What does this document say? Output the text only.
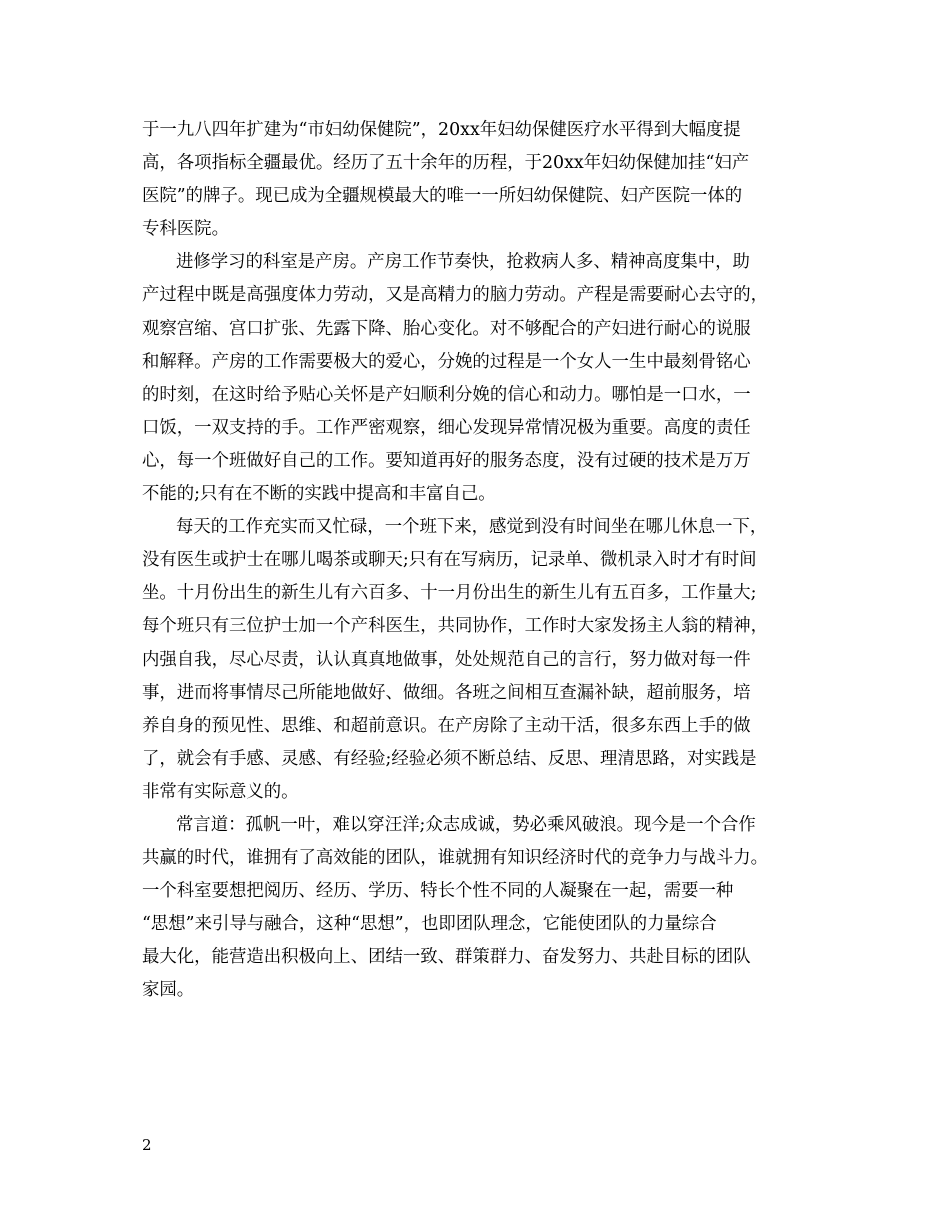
于一九八四年扩建为“市妇幼保健院”，20xx年妇幼保健医疗水平得到大幅度提
高，各项指标全疆最优。经历了五十余年的历程，于20xx年妇幼保健加挂“妇产
医院”的牌子。现已成为全疆规模最大的唯一一所妇幼保健院、妇产医院一体的
专科医院。
进修学习的科室是产房。产房工作节奏快，抢救病人多、精神高度集中，助
产过程中既是高强度体力劳动，又是高精力的脑力劳动。产程是需要耐心去守的，
观察宫缩、宫口扩张、先露下降、胎心变化。对不够配合的产妇进行耐心的说服
和解释。产房的工作需要极大的爱心，分娩的过程是一个女人一生中最刻骨铭心
的时刻，在这时给予贴心关怀是产妇顺利分娩的信心和动力。哪怕是一口水，一
口饭，一双支持的手。工作严密观察，细心发现异常情况极为重要。高度的责任
心，每一个班做好自己的工作。要知道再好的服务态度，没有过硬的技术是万万
不能的;只有在不断的实践中提高和丰富自己。
每天的工作充实而又忙碌，一个班下来，感觉到没有时间坐在哪儿休息一下，
没有医生或护士在哪儿喝茶或聊天;只有在写病历，记录单、微机录入时才有时间
坐。十月份出生的新生儿有六百多、十一月份出生的新生儿有五百多，工作量大;
每个班只有三位护士加一个产科医生，共同协作，工作时大家发扬主人翁的精神，
内强自我，尽心尽责，认认真真地做事，处处规范自己的言行，努力做对每一件
事，进而将事情尽己所能地做好、做细。各班之间相互查漏补缺，超前服务，培
养自身的预见性、思维、和超前意识。在产房除了主动干活，很多东西上手的做
了，就会有手感、灵感、有经验;经验必须不断总结、反思、理清思路，对实践是
非常有实际意义的。
常言道：孤帆一叶，难以穿汪洋;众志成诚，势必乘风破浪。现今是一个合作
共赢的时代，谁拥有了高效能的团队，谁就拥有知识经济时代的竞争力与战斗力。
一个科室要想把阅历、经历、学历、特长个性不同的人凝聚在一起，需要一种
“思想”来引导与融合，这种“思想”，也即团队理念，它能使团队的力量综合
最大化，能营造出积极向上、团结一致、群策群力、奋发努力、共赴目标的团队
家园。
2
